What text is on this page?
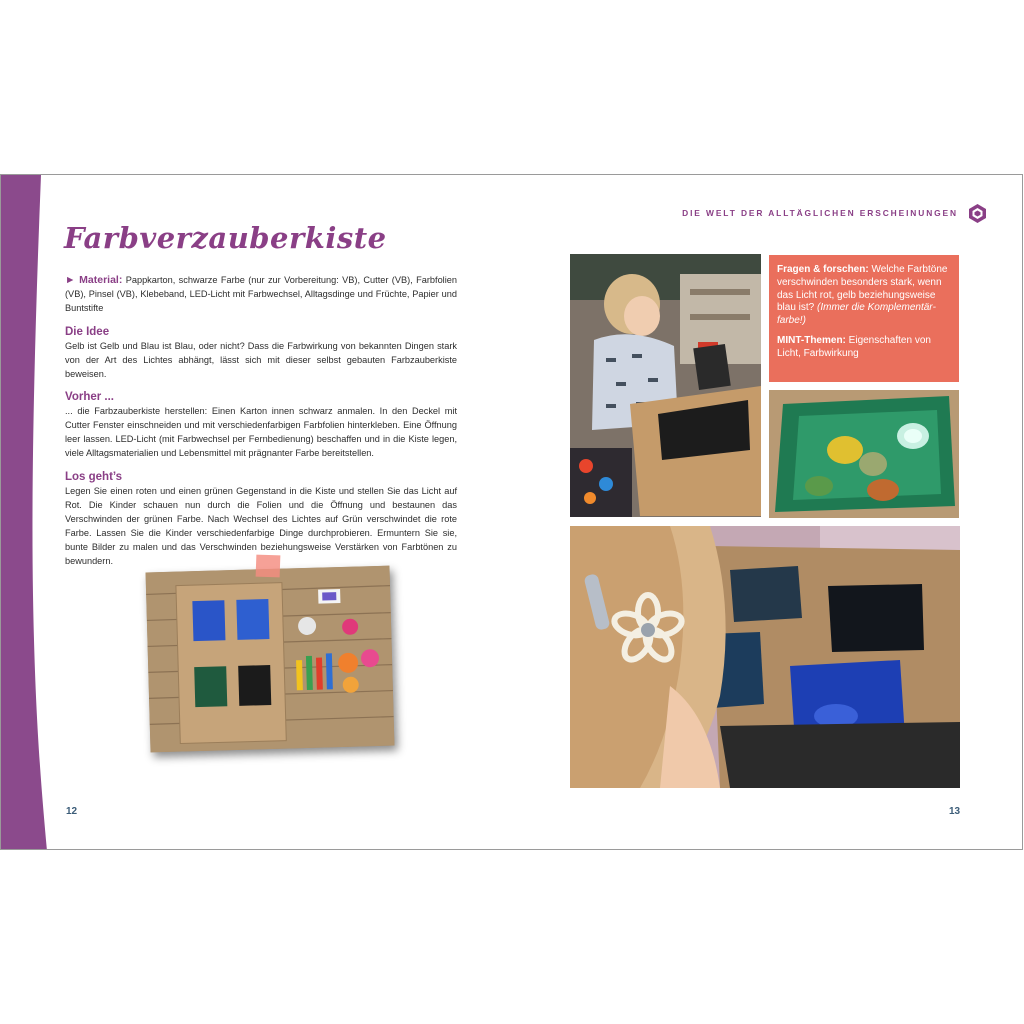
Farbverzauberkiste

► Material: Pappkarton, schwarze Farbe (nur zur Vorbereitung: VB), Cutter (VB), Farbfolien (VB), Pinsel (VB), Klebeband, LED-Licht mit Farbwechsel, Alltagsdinge und Früchte, Papier und Buntstifte

Die Idee

Gelb ist Gelb und Blau ist Blau, oder nicht? Dass die Farbwirkung von bekannten Dingen stark von der Art des Lichtes abhängt, lässt sich mit dieser selbst gebauten Farbzauberkiste beweisen.

Vorher ...

... die Farbzauberkiste herstellen: Einen Karton innen schwarz anmalen. In den Deckel mit Cutter Fenster einschneiden und mit verschiedenfarbigen Farbfolien hinterkleben. Eine Öffnung leer lassen. LED-Licht (mit Farbwechsel per Fernbedienung) beschaffen und in die Kiste legen, viele Alltagsmaterialien und Lebensmittel mit prägnanter Farbe bereitstellen.

Los geht’s

Legen Sie einen roten und einen grünen Gegenstand in die Kiste und stellen Sie das Licht auf Rot. Die Kinder schauen nun durch die Folien und die Öffnung und bestaunen das Verschwinden der grünen Farbe. Nach Wechsel des Lichtes auf Grün verschwindet die rote Farbe. Lassen Sie die Kinder verschiedenfarbige Dinge durchprobieren. Ermuntern Sie sie, bunte Bilder zu malen und das Verschwinden beziehungsweise Verstärken von Farbtönen zu bewundern.

DIE WELT DER ALLTÄGLICHEN ERSCHEINUNGEN

Fragen & forschen: Welche Farbtöne verschwinden besonders stark, wenn das Licht rot, gelb beziehungsweise blau ist? (Immer die Komplementärfarbe!)

MINT-Themen: Eigenschaften von Licht, Farbwirkung

12	13
